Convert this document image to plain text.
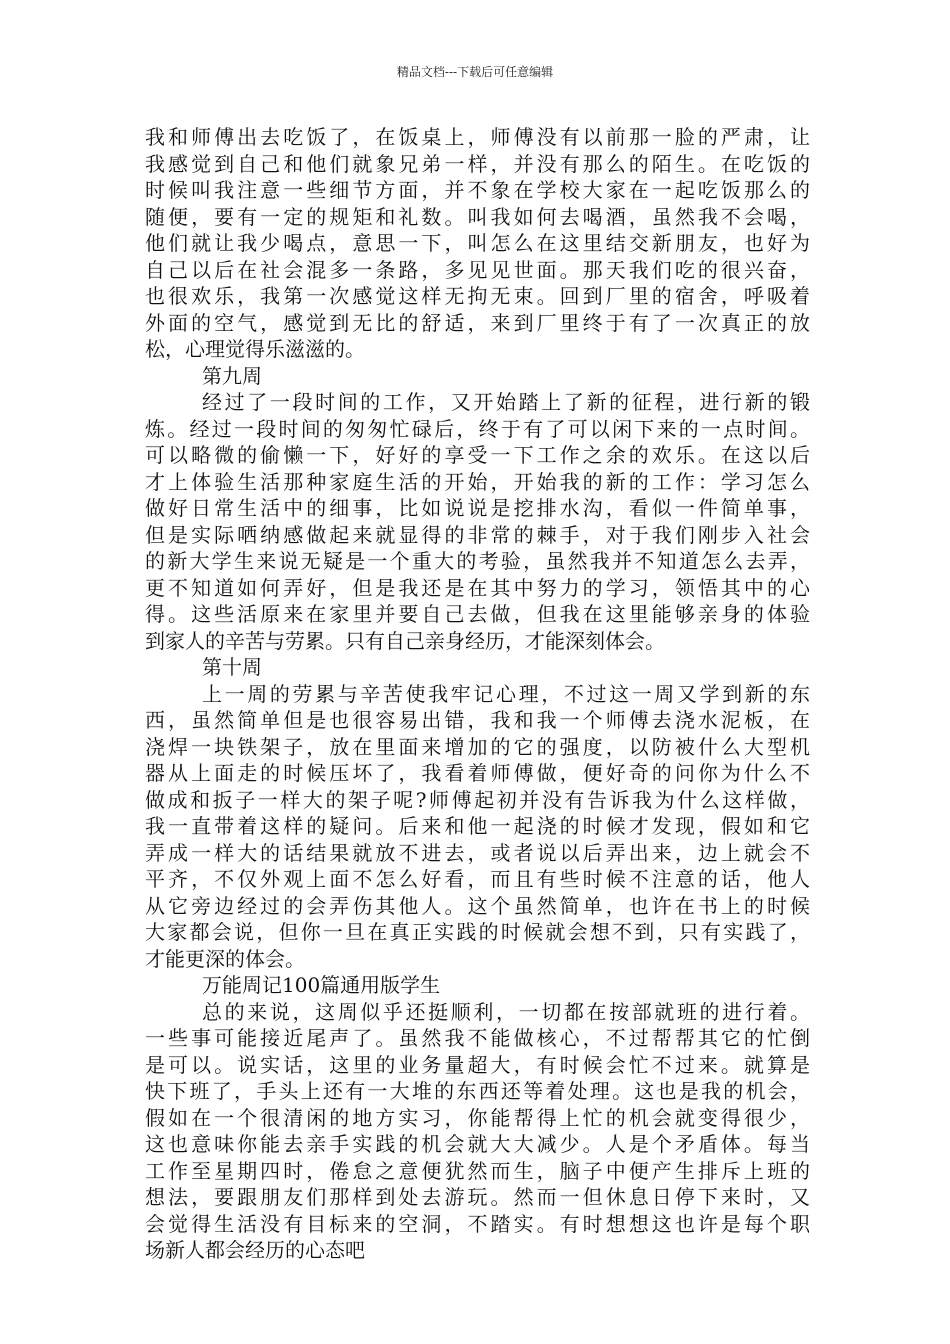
精品文档---下载后可任意编辑
我和师傅出去吃饭了，在饭桌上，师傅没有以前那一脸的严肃，让
我感觉到自己和他们就象兄弟一样，并没有那么的陌生。在吃饭的
时候叫我注意一些细节方面，并不象在学校大家在一起吃饭那么的
随便，要有一定的规矩和礼数。叫我如何去喝酒，虽然我不会喝，
他们就让我少喝点，意思一下，叫怎么在这里结交新朋友，也好为
自己以后在社会混多一条路，多见见世面。那天我们吃的很兴奋，
也很欢乐，我第一次感觉这样无拘无束。回到厂里的宿舍，呼吸着
外面的空气，感觉到无比的舒适，来到厂里终于有了一次真正的放
松，心理觉得乐滋滋的。
第九周
经过了一段时间的工作，又开始踏上了新的征程，进行新的锻
炼。经过一段时间的匆匆忙碌后，终于有了可以闲下来的一点时间。
可以略微的偷懒一下，好好的享受一下工作之余的欢乐。在这以后
才上体验生活那种家庭生活的开始，开始我的新的工作：学习怎么
做好日常生活中的细事，比如说说是挖排水沟，看似一件简单事，
但是实际哂纳感做起来就显得的非常的棘手，对于我们刚步入社会
的新大学生来说无疑是一个重大的考验，虽然我并不知道怎么去弄，
更不知道如何弄好，但是我还是在其中努力的学习，领悟其中的心
得。这些活原来在家里并要自己去做，但我在这里能够亲身的体验
到家人的辛苦与劳累。只有自己亲身经历，才能深刻体会。
第十周
上一周的劳累与辛苦使我牢记心理，不过这一周又学到新的东
西，虽然简单但是也很容易出错，我和我一个师傅去浇水泥板，在
浇焊一块铁架子，放在里面来增加的它的强度，以防被什么大型机
器从上面走的时候压坏了，我看着师傅做，便好奇的问你为什么不
做成和扳子一样大的架子呢?师傅起初并没有告诉我为什么这样做，
我一直带着这样的疑问。后来和他一起浇的时候才发现，假如和它
弄成一样大的话结果就放不进去，或者说以后弄出来，边上就会不
平齐，不仅外观上面不怎么好看，而且有些时候不注意的话，他人
从它旁边经过的会弄伤其他人。这个虽然简单，也许在书上的时候
大家都会说，但你一旦在真正实践的时候就会想不到，只有实践了，
才能更深的体会。
万能周记100篇通用版学生
总的来说，这周似乎还挺顺利，一切都在按部就班的进行着。
一些事可能接近尾声了。虽然我不能做核心，不过帮帮其它的忙倒
是可以。说实话，这里的业务量超大，有时候会忙不过来。就算是
快下班了，手头上还有一大堆的东西还等着处理。这也是我的机会，
假如在一个很清闲的地方实习，你能帮得上忙的机会就变得很少，
这也意味你能去亲手实践的机会就大大减少。人是个矛盾体。每当
工作至星期四时，倦怠之意便犹然而生，脑子中便产生排斥上班的
想法，要跟朋友们那样到处去游玩。然而一但休息日停下来时，又
会觉得生活没有目标来的空洞，不踏实。有时想想这也许是每个职
场新人都会经历的心态吧
